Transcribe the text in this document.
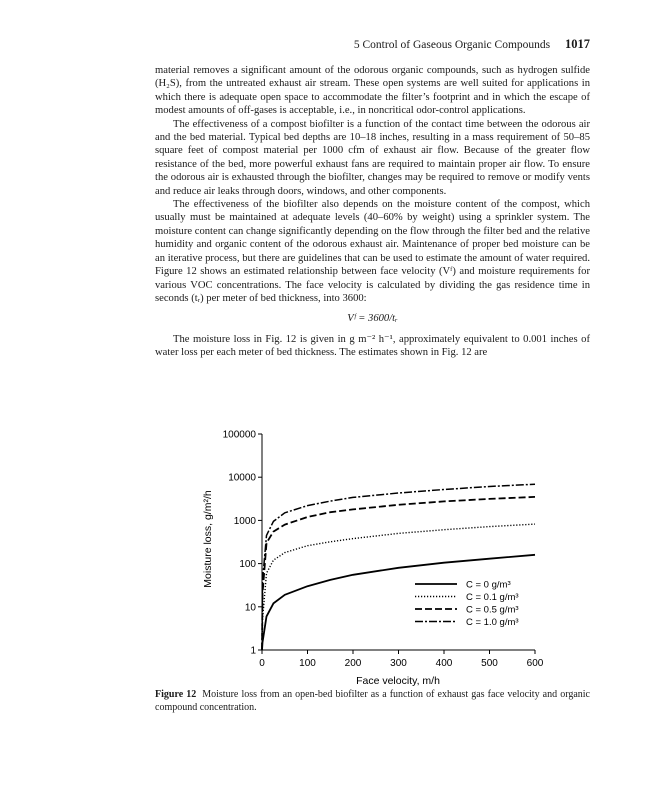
5 Control of Gaseous Organic Compounds 1017

material removes a significant amount of the odorous organic compounds, such as hydrogen sulfide (H₂S), from the untreated exhaust air stream. These open systems are well suited for applications in which there is adequate open space to accommodate the filter’s footprint and in which the escape of modest amounts of off-gases is acceptable, i.e., in noncritical odor-control applications.

The effectiveness of a compost biofilter is a function of the contact time between the odorous air and the bed material. Typical bed depths are 10–18 inches, resulting in a mass requirement of 50–85 square feet of compost material per 1000 cfm of exhaust air flow. Because of the greater flow resistance of the bed, more powerful exhaust fans are required to maintain proper air flow. To ensure the odorous air is exhausted through the biofilter, changes may be required to remove or modify vents and reduce air leaks through doors, windows, and other components.

The effectiveness of the biofilter also depends on the moisture content of the compost, which usually must be maintained at adequate levels (40–60% by weight) using a sprinkler system. The moisture content can change significantly depending on the flow through the filter bed and the relative humidity and organic content of the odorous exhaust air. Maintenance of proper bed moisture can be an iterative process, but there are guidelines that can be used to estimate the amount of water required. Figure 12 shows an estimated relationship between face velocity (Vᶠ) and moisture requirements for various VOC concentrations. The face velocity is calculated by dividing the gas residence time in seconds (tᵣ) per meter of bed thickness, into 3600:

Vᶠ = 3600/tᵣ

The moisture loss in Fig. 12 is given in g m⁻² h⁻¹, approximately equivalent to 0.001 inches of water loss per each meter of bed thickness. The estimates shown in Fig. 12 are

0	100	200	300	400	500	600
1
10
100
1000
10000
100000
C = 0 g/m³
C = 0.1 g/m³
C = 0.5 g/m³
C = 1.0 g/m³
Face velocity, m/h
Moisture loss, g/m²/h
Figure 12 Moisture loss from an open-bed biofilter as a function of exhaust gas face velocity and organic compound concentration.
